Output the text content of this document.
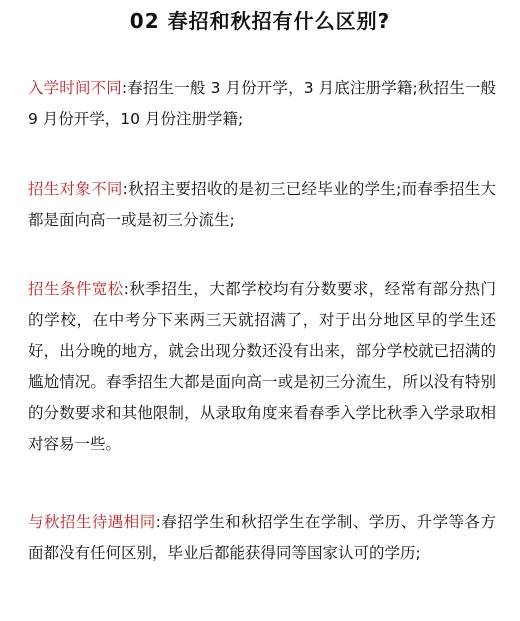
02 春招和秋招有什么区别?

入学时间不同:春招生一般 3 月份开学，3 月底注册学籍;秋招生一般 9 月份开学，10 月份注册学籍;

招生对象不同:秋招主要招收的是初三已经毕业的学生;而春季招生大都是面向高一或是初三分流生;

招生条件宽松:秋季招生，大都学校均有分数要求，经常有部分热门的学校，在中考分下来两三天就招满了，对于出分地区早的学生还好，出分晚的地方，就会出现分数还没有出来，部分学校就已招满的尴尬情况。春季招生大都是面向高一或是初三分流生，所以没有特别的分数要求和其他限制，从录取角度来看春季入学比秋季入学录取相对容易一些。

与秋招生待遇相同:春招学生和秋招学生在学制、学历、升学等各方面都没有任何区别，毕业后都能获得同等国家认可的学历;
